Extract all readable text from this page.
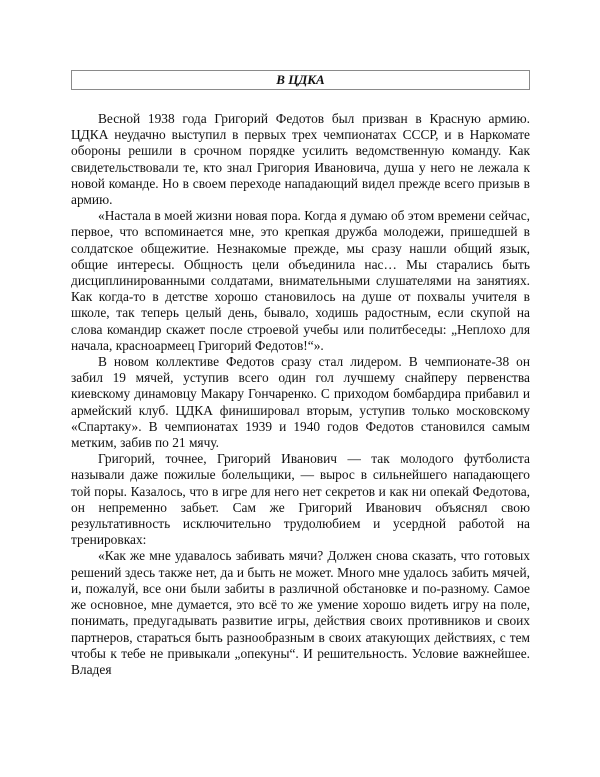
В ЦДКА

Весной 1938 года Григорий Федотов был призван в Красную армию. ЦДКА неудачно выступил в первых трех чемпионатах СССР, и в Наркомате обороны решили в срочном порядке усилить ведомственную команду. Как свидетельствовали те, кто знал Григория Ивановича, душа у него не лежала к новой команде. Но в своем переходе нападающий видел прежде всего призыв в армию.

«Настала в моей жизни новая пора. Когда я думаю об этом времени сейчас, первое, что вспоминается мне, это крепкая дружба молодежи, пришедшей в солдатское общежитие. Незнакомые прежде, мы сразу нашли общий язык, общие интересы. Общность цели объединила нас… Мы старались быть дисциплинированными солдатами, внимательными слушателями на занятиях. Как когда-то в детстве хорошо становилось на душе от похвалы учителя в школе, так теперь целый день, бывало, ходишь радостным, если скупой на слова командир скажет после строевой учебы или политбеседы: „Неплохо для начала, красноармеец Григорий Федотов!“».

В новом коллективе Федотов сразу стал лидером. В чемпионате-38 он забил 19 мячей, уступив всего один гол лучшему снайперу первенства киевскому динамовцу Макару Гончаренко. С приходом бомбардира прибавил и армейский клуб. ЦДКА финишировал вторым, уступив только московскому «Спартаку». В чемпионатах 1939 и 1940 годов Федотов становился самым метким, забив по 21 мячу.

Григорий, точнее, Григорий Иванович — так молодого футболиста называли даже пожилые болельщики, — вырос в сильнейшего нападающего той поры. Казалось, что в игре для него нет секретов и как ни опекай Федотова, он непременно забьет. Сам же Григорий Иванович объяснял свою результативность исключительно трудолюбием и усердной работой на тренировках:

«Как же мне удавалось забивать мячи? Должен снова сказать, что готовых решений здесь также нет, да и быть не может. Много мне удалось забить мячей, и, пожалуй, все они были забиты в различной обстановке и по-разному. Самое же основное, мне думается, это всё то же умение хорошо видеть игру на поле, понимать, предугадывать развитие игры, действия своих противников и своих партнеров, стараться быть разнообразным в своих атакующих действиях, с тем чтобы к тебе не привыкали „опекуны“. И решительность. Условие важнейшее. Владея
